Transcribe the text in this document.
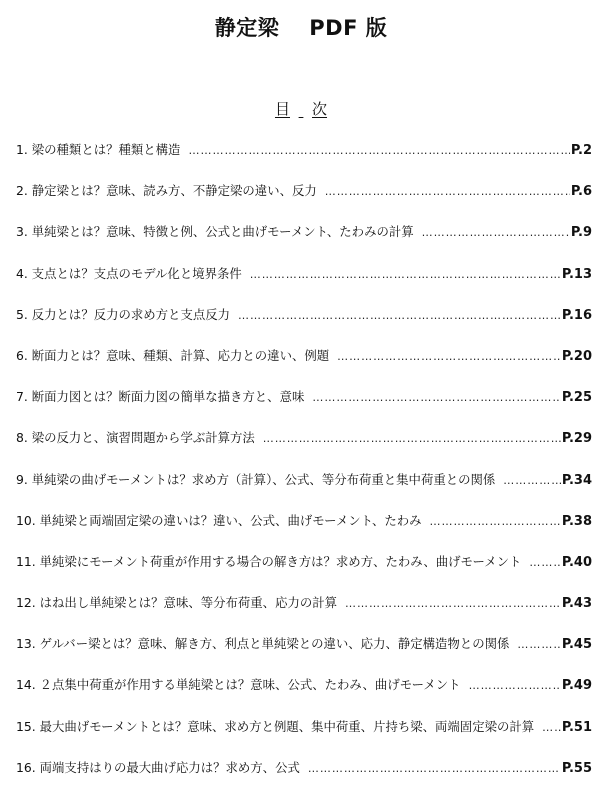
静定梁 PDF 版
目 次
1. 梁の種類とは？種類と構造 …………………………………………………………………………………………………………………………………………………………………………	P.2
2. 静定梁とは？意味、読み方、不静定梁の違い、反力 …………………………………………………………………………………………………………………………………………………………………………	P.6
3. 単純梁とは？意味、特徴と例、公式と曲げモーメント、たわみの計算 …………………………………………………………………………………………………………………………………………………………………………	P.9
4. 支点とは？支点のモデル化と境界条件 …………………………………………………………………………………………………………………………………………………………………………	P.13
5. 反力とは？反力の求め方と支点反力 …………………………………………………………………………………………………………………………………………………………………………	P.16
6. 断面力とは？意味、種類、計算、応力との違い、例題 …………………………………………………………………………………………………………………………………………………………………………	P.20
7. 断面力図とは？断面力図の簡単な描き方と、意味 …………………………………………………………………………………………………………………………………………………………………………	P.25
8. 梁の反力と、演習問題から学ぶ計算方法 …………………………………………………………………………………………………………………………………………………………………………	P.29
9. 単純梁の曲げモーメントは？求め方（計算）、公式、等分布荷重と集中荷重との関係 …………………………………………………………………………………………………………………………………………………………………………	P.34
10. 単純梁と両端固定梁の違いは？違い、公式、曲げモーメント、たわみ …………………………………………………………………………………………………………………………………………………………………………	P.38
11. 単純梁にモーメント荷重が作用する場合の解き方は？求め方、たわみ、曲げモーメント …………………………………………………………………………………………………………………………………………………………………………	P.40
12. はね出し単純梁とは？意味、等分布荷重、応力の計算 …………………………………………………………………………………………………………………………………………………………………………	P.43
13. ゲルバー梁とは？意味、解き方、利点と単純梁との違い、応力、静定構造物との関係 …………………………………………………………………………………………………………………………………………………………………………	P.45
14. ２点集中荷重が作用する単純梁とは？意味、公式、たわみ、曲げモーメント …………………………………………………………………………………………………………………………………………………………………………	P.49
15. 最大曲げモーメントとは？意味、求め方と例題、集中荷重、片持ち梁、両端固定梁の計算 …………………………………………………………………………………………………………………………………………………………………………	P.51
16. 両端支持はりの最大曲げ応力は？求め方、公式 …………………………………………………………………………………………………………………………………………………………………………	P.55
